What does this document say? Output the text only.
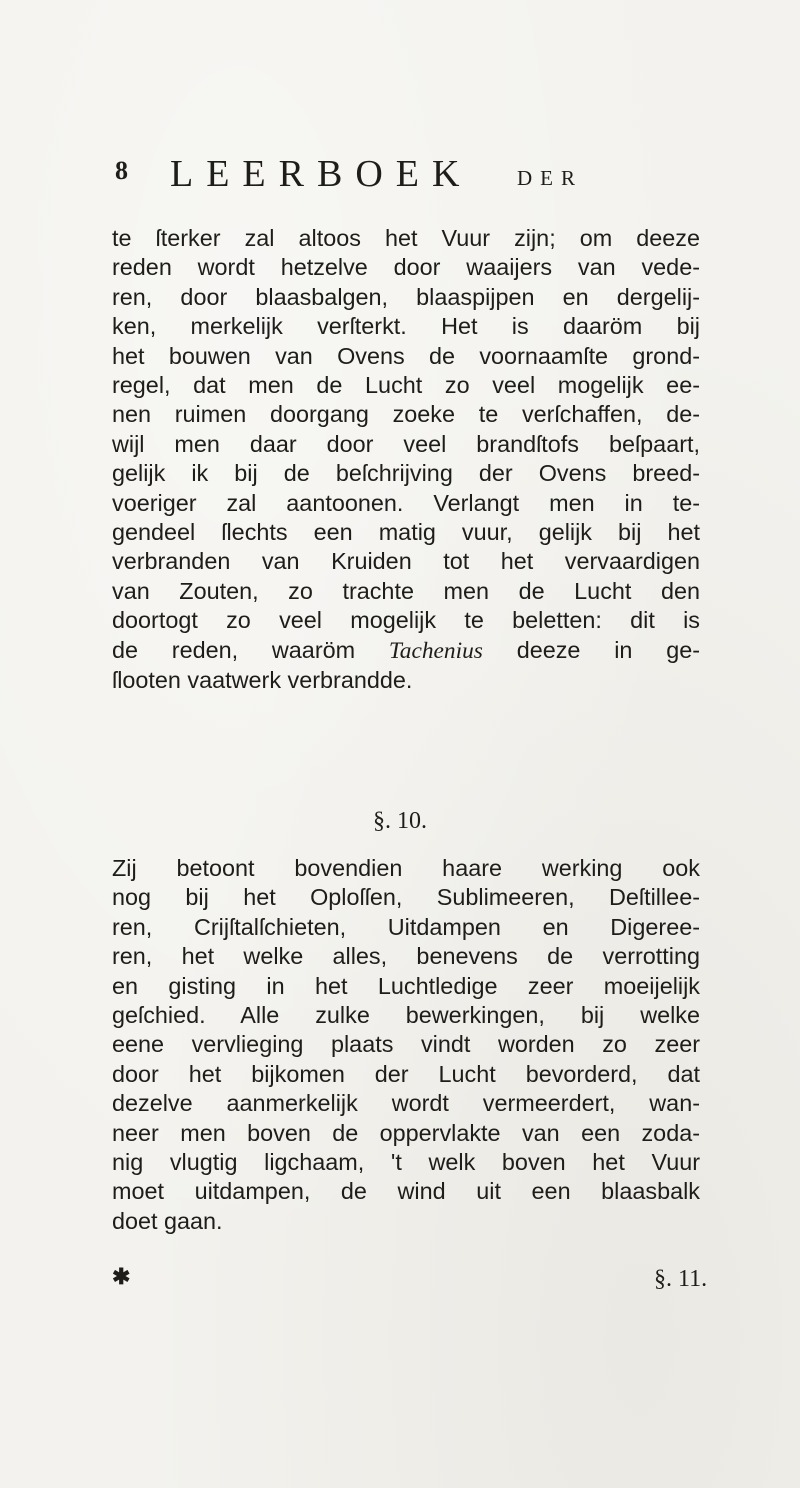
8 LEERBOEK DER
te ſterker zal altoos het Vuur zijn; om deeze
reden wordt hetzelve door waaijers van vede-
ren, door blaasbalgen, blaaspijpen en dergelij-
ken, merkelijk verſterkt. Het is daaröm bij
het bouwen van Ovens de voornaamſte grond-
regel, dat men de Lucht zo veel mogelijk ee-
nen ruimen doorgang zoeke te verſchaffen, de-
wijl men daar door veel brandſtofs beſpaart,
gelijk ik bij de beſchrijving der Ovens breed-
voeriger zal aantoonen. Verlangt men in te-
gendeel ſlechts een matig vuur, gelijk bij het
verbranden van Kruiden tot het vervaardigen
van Zouten, zo trachte men de Lucht den
doortogt zo veel mogelijk te beletten: dit is
de reden, waaröm Tachenius deeze in ge-
ſlooten vaatwerk verbrandde.
§. 10.
Zij betoont bovendien haare werking ook
nog bij het Oploſſen, Sublimeeren, Deſtillee-
ren, Crijſtalſchieten, Uitdampen en Digeree-
ren, het welke alles, benevens de verrotting
en gisting in het Luchtledige zeer moeijelijk
geſchied. Alle zulke bewerkingen, bij welke
eene vervlieging plaats vindt worden zo zeer
door het bijkomen der Lucht bevorderd, dat
dezelve aanmerkelijk wordt vermeerdert, wan-
neer men boven de oppervlakte van een zoda-
nig vlugtig ligchaam, 't welk boven het Vuur
moet uitdampen, de wind uit een blaasbalk
doet gaan.
✱	§. 11.
